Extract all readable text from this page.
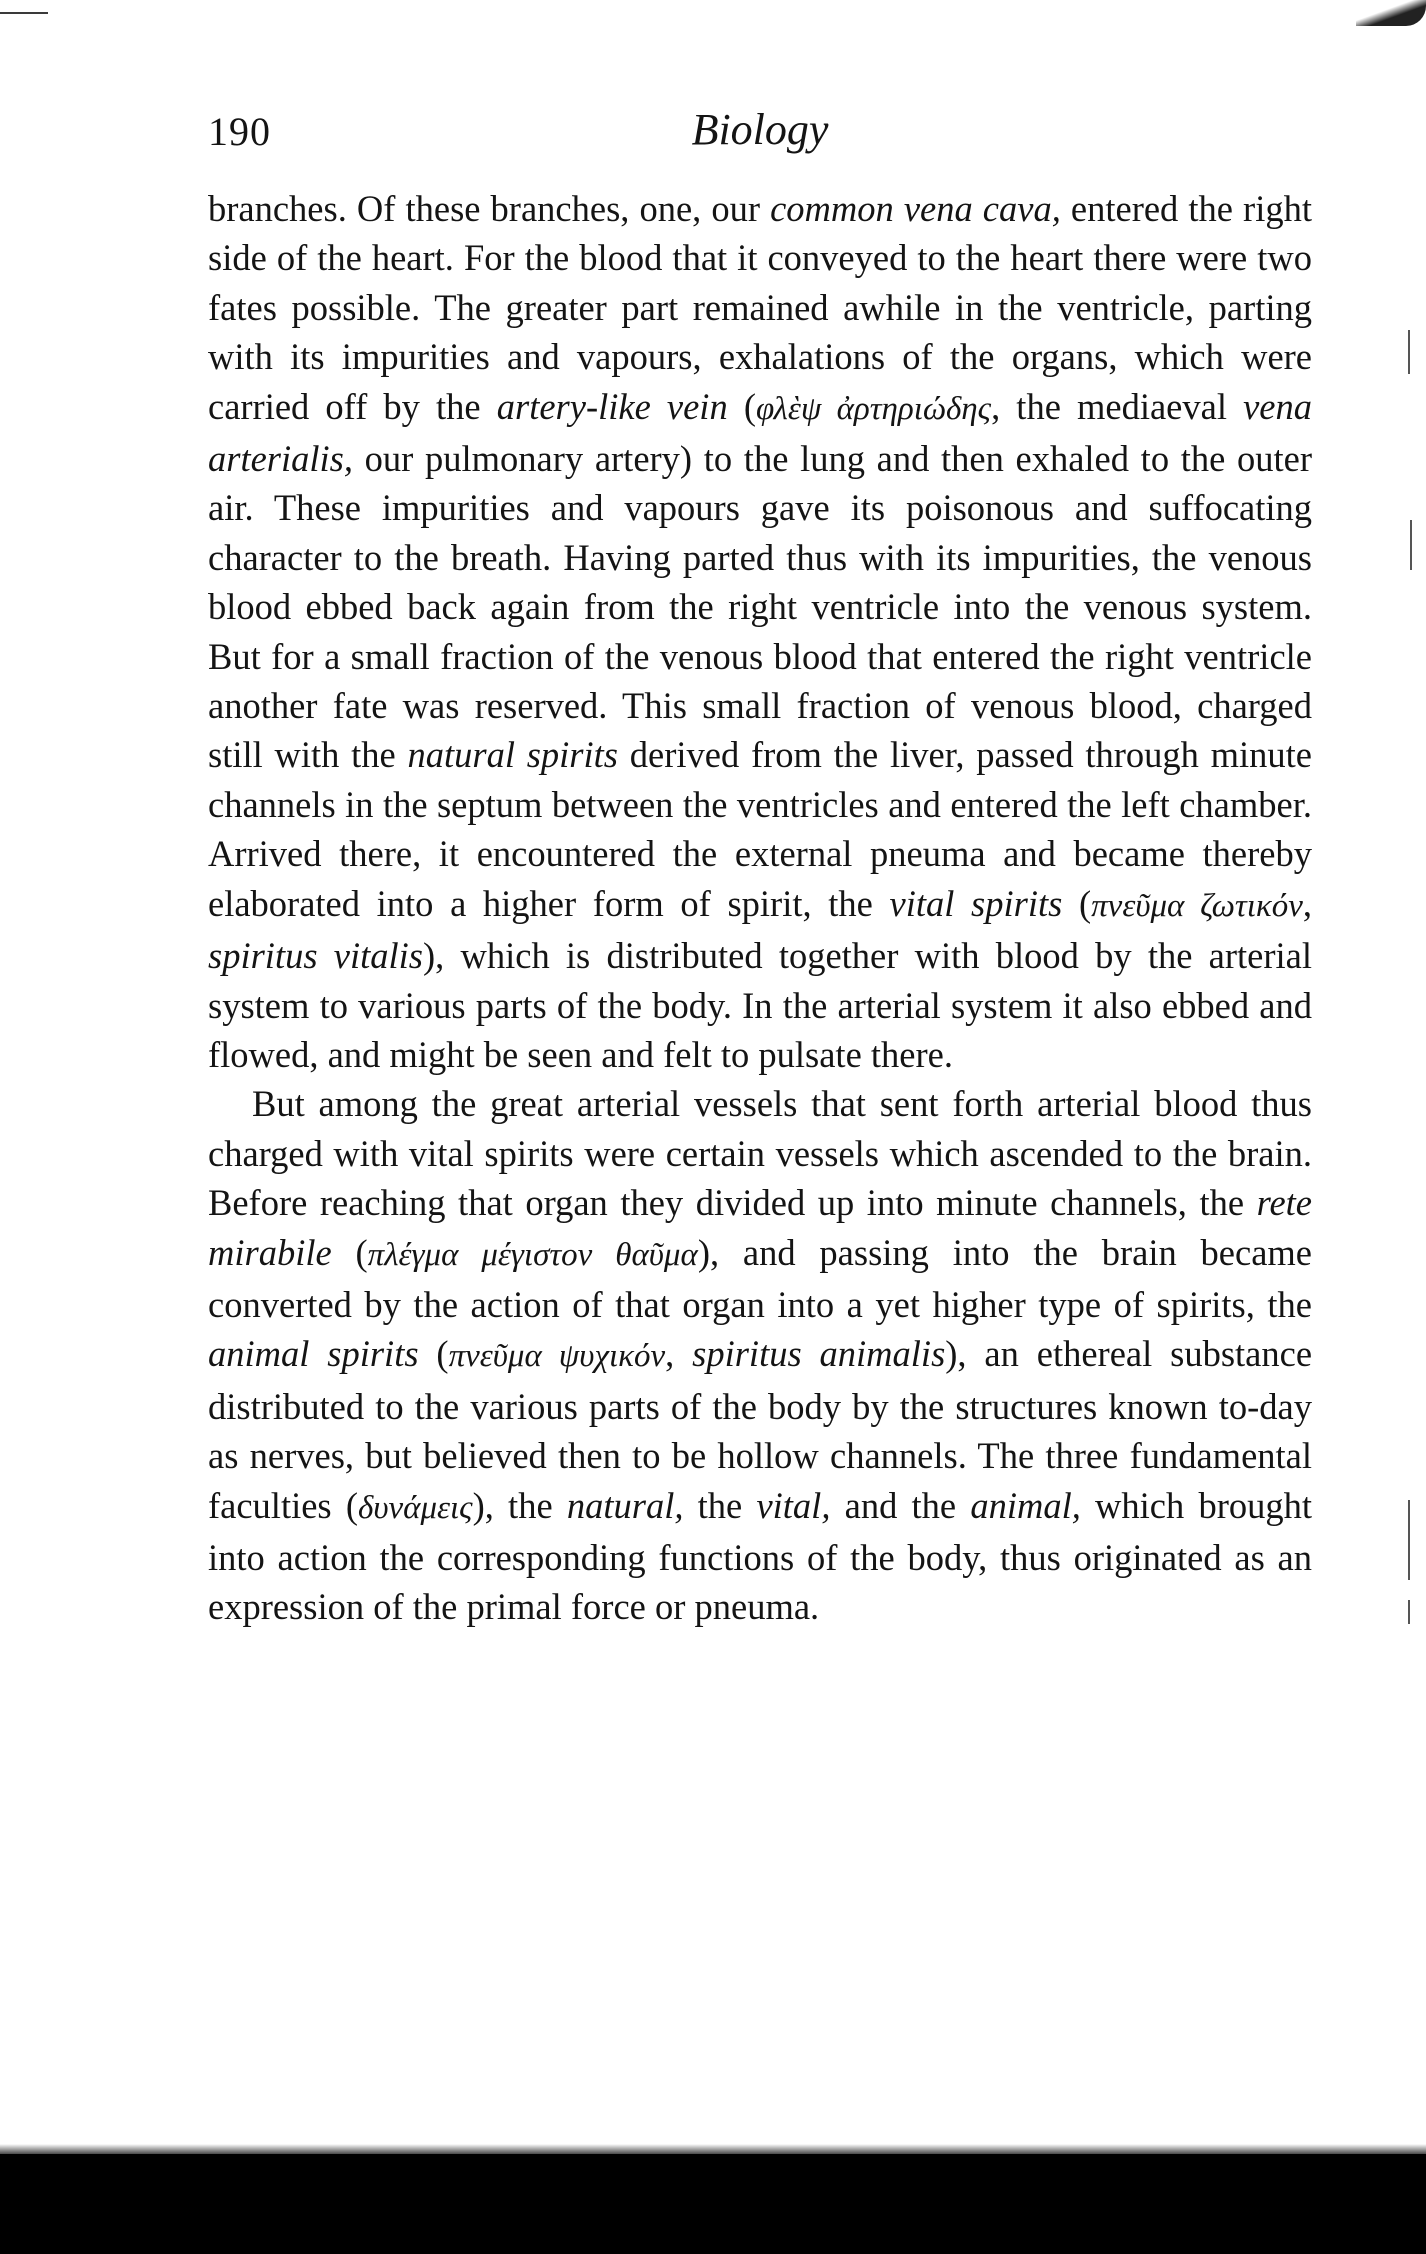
190	Biology

branches. Of these branches, one, our common vena cava, entered the right side of the heart. For the blood that it conveyed to the heart there were two fates possible. The greater part remained awhile in the ventricle, parting with its impurities and vapours, exhalations of the organs, which were carried off by the artery-like vein (φλὲψ ἀρτηριώδης, the mediaeval vena arterialis, our pulmonary artery) to the lung and then exhaled to the outer air. These impurities and vapours gave its poisonous and suffocating character to the breath. Having parted thus with its impurities, the venous blood ebbed back again from the right ventricle into the venous system. But for a small fraction of the venous blood that entered the right ventricle another fate was reserved. This small fraction of venous blood, charged still with the natural spirits derived from the liver, passed through minute channels in the septum between the ventricles and entered the left chamber. Arrived there, it encountered the external pneuma and became thereby elaborated into a higher form of spirit, the vital spirits (πνεῦμα ζωτικόν, spiritus vitalis), which is distributed together with blood by the arterial system to various parts of the body. In the arterial system it also ebbed and flowed, and might be seen and felt to pulsate there.

But among the great arterial vessels that sent forth arterial blood thus charged with vital spirits were certain vessels which ascended to the brain. Before reaching that organ they divided up into minute channels, the rete mirabile (πλέγμα μέγιστον θαῦμα), and passing into the brain became converted by the action of that organ into a yet higher type of spirits, the animal spirits (πνεῦμα ψυχικόν, spiritus animalis), an ethereal substance distributed to the various parts of the body by the structures known to-day as nerves, but believed then to be hollow channels. The three fundamental faculties (δυνάμεις), the natural, the vital, and the animal, which brought into action the corresponding functions of the body, thus originated as an expression of the primal force or pneuma.
